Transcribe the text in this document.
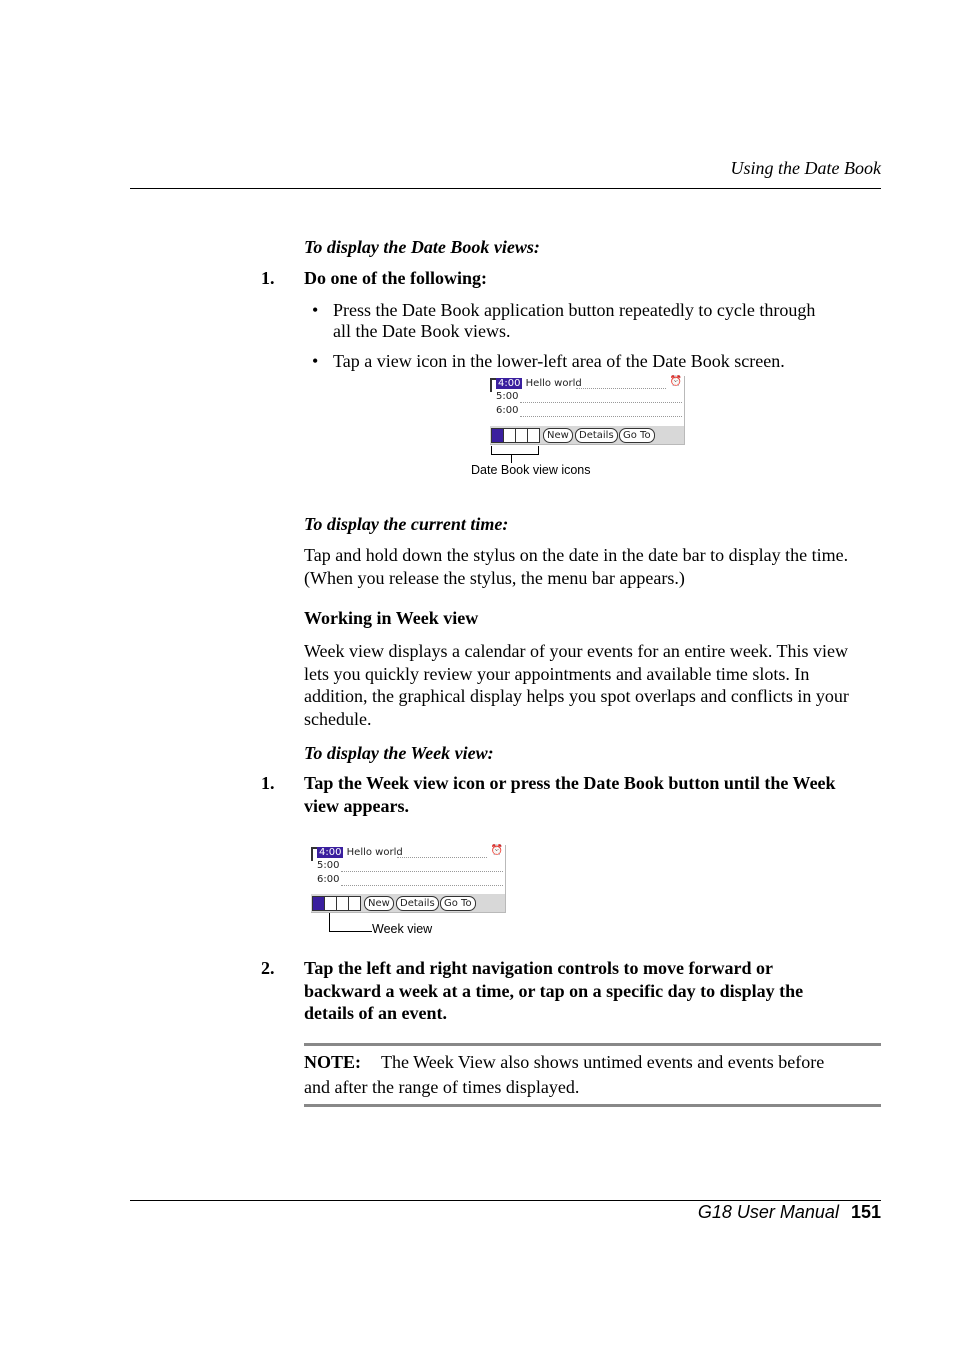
Using the Date Book
To display the Date Book views:
1. Do one of the following:
• Press the Date Book application button repeatedly to cycle through
all the Date Book views.
• Tap a view icon in the lower-left area of the Date Book screen.
4:00 Hello world	⏰
5:00
6:00
New	Details Go To
Date Book view icons
To display the current time:
Tap and hold down the stylus on the date in the date bar to display the time.
(When you release the stylus, the menu bar appears.)
Working in Week view
Week view displays a calendar of your events for an entire week. This view
lets you quickly review your appointments and available time slots. In
addition, the graphical display helps you spot overlaps and conflicts in your
schedule.
To display the Week view:
1. Tap the Week view icon or press the Date Book button until the Week
view appears.
4:00 Hello world	⏰
5:00
6:00
New	Details Go To
Week view
2. Tap the left and right navigation controls to move forward or
backward a week at a time, or tap on a specific day to display the
details of an event.
NOTE: The Week View also shows untimed events and events before
and after the range of times displayed.
G18 User Manual 151
